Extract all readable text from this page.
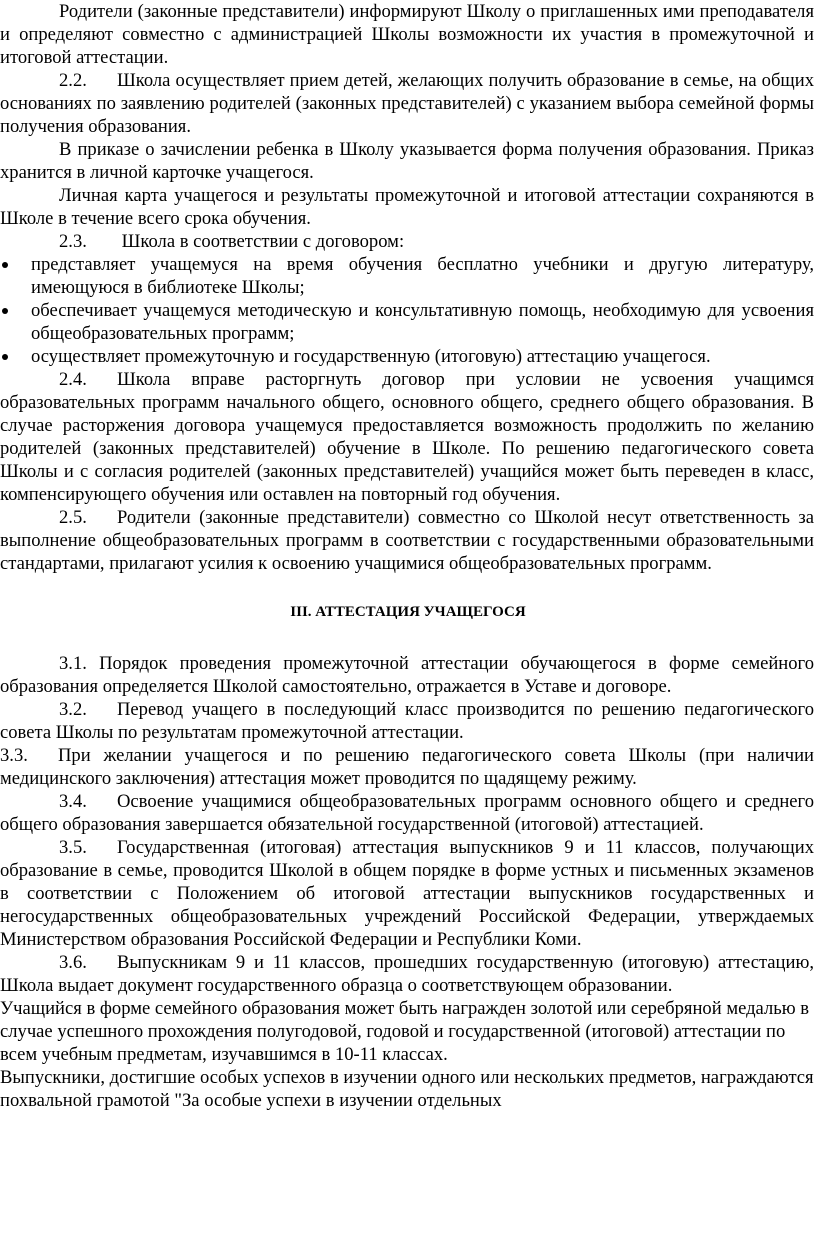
Родители (законные представители) информируют Школу о приглашенных ими преподавателя и определяют совместно с администрацией Школы возможности их участия в промежуточной и итоговой аттестации.

2.2. Школа осуществляет прием детей, желающих получить образование в семье, на общих основаниях по заявлению родителей (законных представителей) с указанием выбора семейной формы получения образования.

В приказе о зачислении ребенка в Школу указывается форма получения образования. Приказ хранится в личной карточке учащегося.

Личная карта учащегося и результаты промежуточной и итоговой аттестации сохраняются в Школе в течение всего срока обучения.

2.3. Школа в соответствии с договором:

представляет учащемуся на время обучения бесплатно учебники и другую литературу, имеющуюся в библиотеке Школы;
обеспечивает учащемуся методическую и консультативную помощь, необходимую для усвоения общеобразовательных программ;
осуществляет промежуточную и государственную (итоговую) аттестацию учащегося.

2.4. Школа вправе расторгнуть договор при условии не усвоения учащимся образовательных программ начального общего, основного общего, среднего общего образования. В случае расторжения договора учащемуся предоставляется возможность продолжить по желанию родителей (законных представителей) обучение в Школе. По решению педагогического совета Школы и с согласия родителей (законных представителей) учащийся может быть переведен в класс, компенсирующего обучения или оставлен на повторный год обучения.

2.5. Родители (законные представители) совместно со Школой несут ответственность за выполнение общеобразовательных программ в соответствии с государственными образовательными стандартами, прилагают усилия к освоению учащимися общеобразовательных программ.

III. АТТЕСТАЦИЯ УЧАЩЕГОСЯ

3.1. Порядок проведения промежуточной аттестации обучающегося в форме семейного образования определяется Школой самостоятельно, отражается в Уставе и договоре.

3.2. Перевод учащего в последующий класс производится по решению педагогического совета Школы по результатам промежуточной аттестации.

3.3. При желании учащегося и по решению педагогического совета Школы (при наличии медицинского заключения) аттестация может проводится по щадящему режиму.

3.4. Освоение учащимися общеобразовательных программ основного общего и среднего общего образования завершается обязательной государственной (итоговой) аттестацией.

3.5. Государственная (итоговая) аттестация выпускников 9 и 11 классов, получающих образование в семье, проводится Школой в общем порядке в форме устных и письменных экзаменов в соответствии с Положением об итоговой аттестации выпускников государственных и негосударственных общеобразовательных учреждений Российской Федерации, утверждаемых Министерством образования Российской Федерации и Республики Коми.

3.6. Выпускникам 9 и 11 классов, прошедших государственную (итоговую) аттестацию, Школа выдает документ государственного образца о соответствующем образовании.

Учащийся в форме семейного образования может быть награжден золотой или серебряной медалью в случае успешного прохождения полугодовой, годовой и государственной (итоговой) аттестации по всем учебным предметам, изучавшимся в 10-11 классах.

Выпускники, достигшие особых успехов в изучении одного или нескольких предметов, награждаются похвальной грамотой "За особые успехи в изучении отдельных
